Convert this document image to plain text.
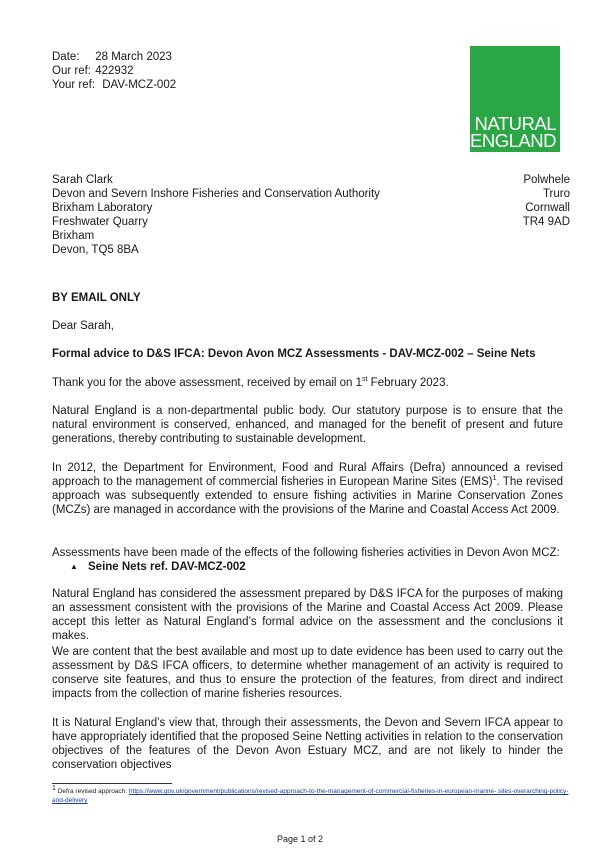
Date: 28 March 2023
Our ref: 422932
Your ref: DAV-MCZ-002
NATURAL
ENGLAND
Sarah Clark
Devon and Severn Inshore Fisheries and Conservation Authority
Brixham Laboratory
Freshwater Quarry
Brixham
Devon, TQ5 8BA
Polwhele
Truro
Cornwall
TR4 9AD
BY EMAIL ONLY
Dear Sarah,
Formal advice to D&S IFCA: Devon Avon MCZ Assessments - DAV-MCZ-002 – Seine Nets
Thank you for the above assessment, received by email on 1st February 2023.
Natural England is a non-departmental public body. Our statutory purpose is to ensure that the natural environment is conserved, enhanced, and managed for the benefit of present and future generations, thereby contributing to sustainable development.
In 2012, the Department for Environment, Food and Rural Affairs (Defra) announced a revised approach to the management of commercial fisheries in European Marine Sites (EMS)$^1$. The revised approach was subsequently extended to ensure fishing activities in Marine Conservation Zones (MCZs) are managed in accordance with the provisions of the Marine and Coastal Access Act 2009.
Assessments have been made of the effects of the following fisheries activities in Devon Avon MCZ:
▲ Seine Nets ref. DAV-MCZ-002
Natural England has considered the assessment prepared by D&S IFCA for the purposes of making an assessment consistent with the provisions of the Marine and Coastal Access Act 2009. Please accept this letter as Natural England’s formal advice on the assessment and the conclusions it makes.
We are content that the best available and most up to date evidence has been used to carry out the assessment by D&S IFCA officers, to determine whether management of an activity is required to conserve site features, and thus to ensure the protection of the features, from direct and indirect impacts from the collection of marine fisheries resources.
It is Natural England’s view that, through their assessments, the Devon and Severn IFCA appear to have appropriately identified that the proposed Seine Netting activities in relation to the conservation objectives of the features of the Devon Avon Estuary MCZ, and are not likely to hinder the conservation objectives
$^1$ Defra revised approach: https://www.gov.uk/government/publications/revised-approach-to-the-management-of-commercial-fisheries-in-european-marine- sites-overarching-policy-and-delivery
Page 1 of 2
